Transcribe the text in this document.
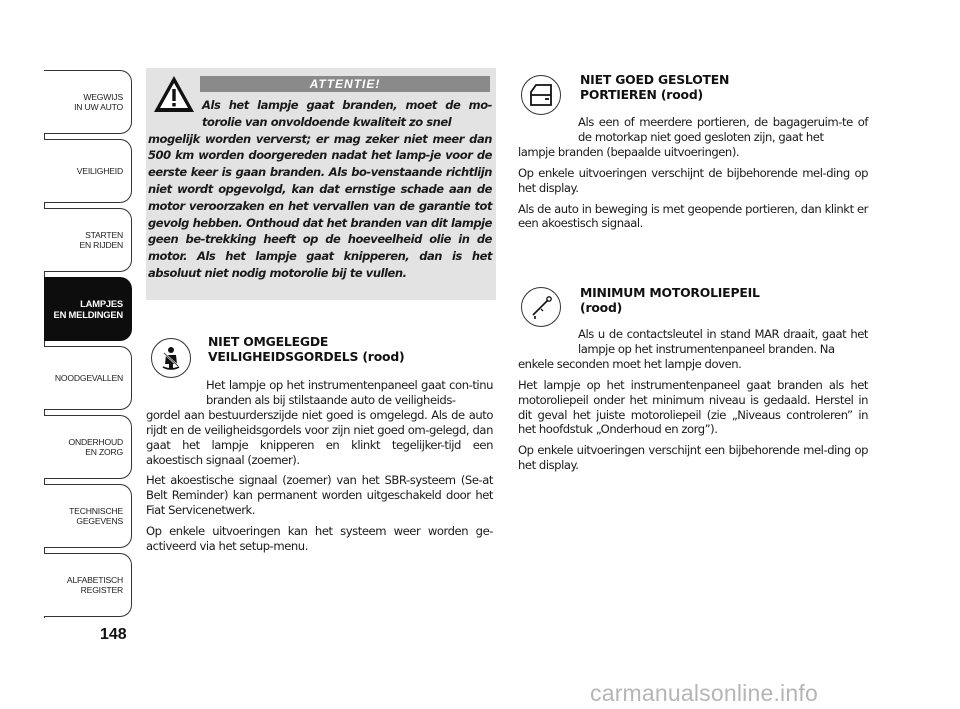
WEGWIJS
IN UW AUTO
VEILIGHEID
STARTEN
EN RIJDEN
LAMPJES
EN MELDINGEN
NOODGEVALLEN
ONDERHOUD
EN ZORG
TECHNISCHE
GEGEVENS
ALFABETISCH
REGISTER
148
ATTENTIE!
Als het lampje gaat branden, moet de mo-torolie van onvoldoende kwaliteit zo snel
mogelijk worden ververst; er mag zeker niet meer dan 500 km worden doorgereden nadat het lamp-je voor de eerste keer is gaan branden. Als bo-venstaande richtlijn niet wordt opgevolgd, kan dat ernstige schade aan de motor veroorzaken en het vervallen van de garantie tot gevolg hebben. Onthoud dat het branden van dit lampje geen be-trekking heeft op de hoeveelheid olie in de motor. Als het lampje gaat knipperen, dan is het absoluut niet nodig motorolie bij te vullen.
NIET OMGELEGDE
VEILIGHEIDSGORDELS (rood)

Het lampje op het instrumentenpaneel gaat con-tinu branden als bij stilstaande auto de veiligheids-

gordel aan bestuurderszijde niet goed is omgelegd. Als de auto rijdt en de veiligheidsgordels voor zijn niet goed om-gelegd, dan gaat het lampje knipperen en klinkt tegelijker-tijd een akoestisch signaal (zoemer).

Het akoestische signaal (zoemer) van het SBR-systeem (Se-at Belt Reminder) kan permanent worden uitgeschakeld door het Fiat Servicenetwerk.

Op enkele uitvoeringen kan het systeem weer worden ge-activeerd via het setup-menu.

NIET GOED GESLOTEN
PORTIEREN (rood)

Als een of meerdere portieren, de bagageruim-te of de motorkap niet goed gesloten zijn, gaat het

lampje branden (bepaalde uitvoeringen).

Op enkele uitvoeringen verschijnt de bijbehorende mel-ding op het display.

Als de auto in beweging is met geopende portieren, dan klinkt er een akoestisch signaal.

MINIMUM MOTOROLIEPEIL
(rood)

Als u de contactsleutel in stand MAR draait, gaat het lampje op het instrumentenpaneel branden. Na

enkele seconden moet het lampje doven.

Het lampje op het instrumentenpaneel gaat branden als het motoroliepeil onder het minimum niveau is gedaald. Herstel in dit geval het juiste motoroliepeil (zie „Niveaus controleren” in het hoofdstuk „Onderhoud en zorg”).

Op enkele uitvoeringen verschijnt een bijbehorende mel-ding op het display.

carmanualsonline.info
